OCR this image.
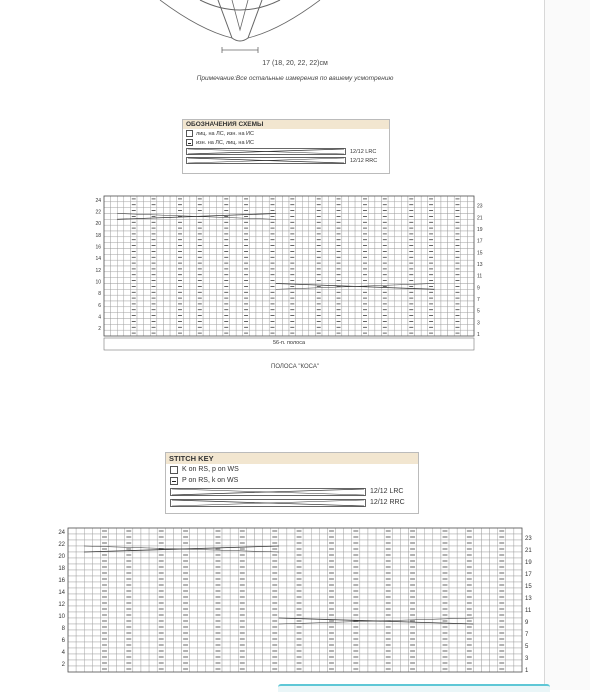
17 (18, 20, 22, 22)см
Примечание:Все остальные измерения по вашему усмотрению
ОБОЗНАЧЕНИЯ СХЕМЫ
лиц. на ЛС, изн. на ИС
изн. на ЛС, лиц. на ИС
12/12 LRC
12/12 RRC
24
22
20
18
16
14
12
10
8
6
4
2
23
21
19
17
15
13
11
9
7
5
3
1
56-п. полоса
ПОЛОСА "КОСА"
STITCH KEY
K on RS, p on WS
P on RS, k on WS
12/12 LRC
12/12 RRC
24
22
20
18
16
14
12
10
8
6
4
2
23
21
19
17
15
13
11
9
7
5
3
1
